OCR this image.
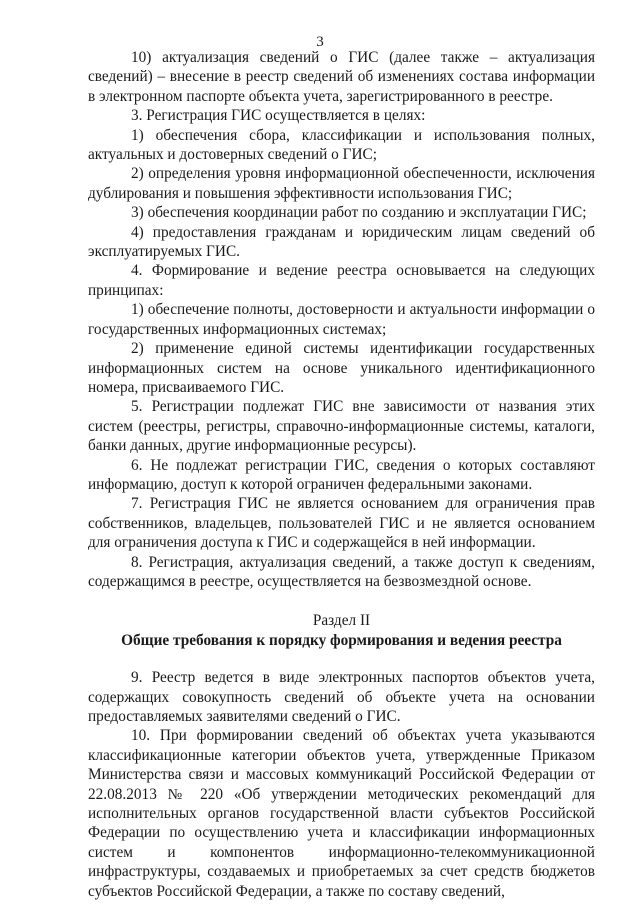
3

10) актуализация сведений о ГИС (далее также – актуализация сведений) – внесение в реестр сведений об изменениях состава информации в электронном паспорте объекта учета, зарегистрированного в реестре.

3. Регистрация ГИС осуществляется в целях:

1) обеспечения сбора, классификации и использования полных, актуальных и достоверных сведений о ГИС;

2) определения уровня информационной обеспеченности, исключения дублирования и повышения эффективности использования ГИС;

3) обеспечения координации работ по созданию и эксплуатации ГИС;

4) предоставления гражданам и юридическим лицам сведений об эксплуатируемых ГИС.

4. Формирование и ведение реестра основывается на следующих принципах:

1) обеспечение полноты, достоверности и актуальности информации о государственных информационных системах;

2) применение единой системы идентификации государственных информационных систем на основе уникального идентификационного номера, присваиваемого ГИС.

5. Регистрации подлежат ГИС вне зависимости от названия этих систем (реестры, регистры, справочно-информационные системы, каталоги, банки данных, другие информационные ресурсы).

6. Не подлежат регистрации ГИС, сведения о которых составляют информацию, доступ к которой ограничен федеральными законами.

7. Регистрация ГИС не является основанием для ограничения прав собственников, владельцев, пользователей ГИС и не является основанием для ограничения доступа к ГИС и содержащейся в ней информации.

8. Регистрация, актуализация сведений, а также доступ к сведениям, содержащимся в реестре, осуществляется на безвозмездной основе.

Раздел II

Общие требования к порядку формирования и ведения реестра

9. Реестр ведется в виде электронных паспортов объектов учета, содержащих совокупность сведений об объекте учета на основании предоставляемых заявителями сведений о ГИС.

10. При формировании сведений об объектах учета указываются классификационные категории объектов учета, утвержденные Приказом Министерства связи и массовых коммуникаций Российской Федерации от 22.08.2013 № 220 «Об утверждении методических рекомендаций для исполнительных органов государственной власти субъектов Российской Федерации по осуществлению учета и классификации информационных систем и компонентов информационно-телекоммуникационной инфраструктуры, создаваемых и приобретаемых за счет средств бюджетов субъектов Российской Федерации, а также по составу сведений,
